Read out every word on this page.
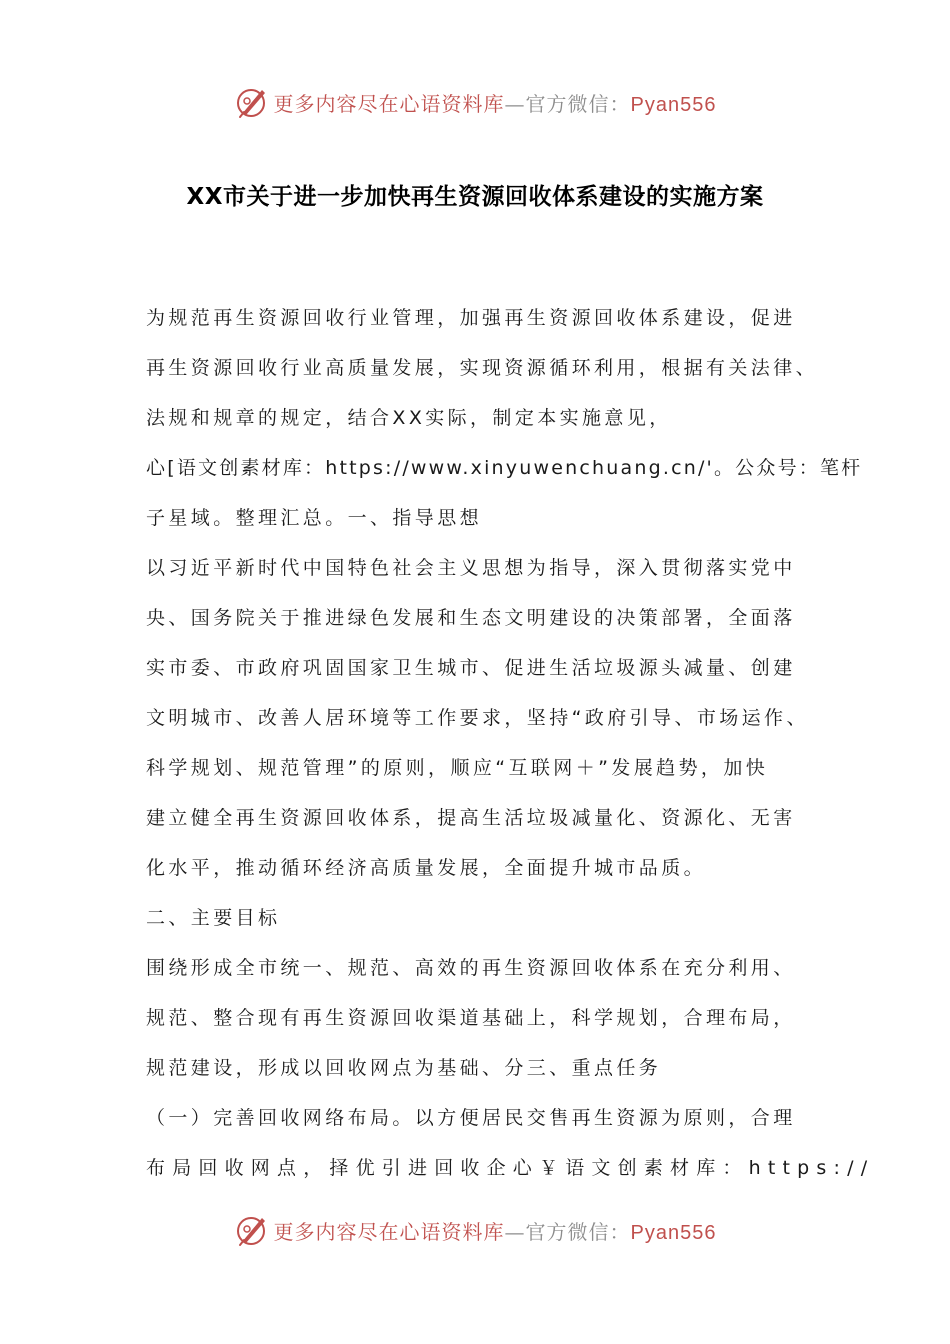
更多内容尽在心语资料库—官方微信：Pyan556
XX市关于进一步加快再生资源回收体系建设的实施方案
为规范再生资源回收行业管理，加强再生资源回收体系建设，促进
再生资源回收行业高质量发展，实现资源循环利用，根据有关法律、
法规和规章的规定，结合XX实际，制定本实施意见，
心[语文创素材库：https://www.xinyuwenchuang.cn/'。公众号：笔杆
子星域。整理汇总。一、指导思想
以习近平新时代中国特色社会主义思想为指导，深入贯彻落实党中
央、国务院关于推进绿色发展和生态文明建设的决策部署，全面落
实市委、市政府巩固国家卫生城市、促进生活垃圾源头减量、创建
文明城市、改善人居环境等工作要求，坚持“政府引导、市场运作、
科学规划、规范管理”的原则，顺应“互联网＋”发展趋势，加快
建立健全再生资源回收体系，提高生活垃圾减量化、资源化、无害
化水平，推动循环经济高质量发展，全面提升城市品质。
二、主要目标
围绕形成全市统一、规范、高效的再生资源回收体系在充分利用、
规范、整合现有再生资源回收渠道基础上，科学规划，合理布局，
规范建设，形成以回收网点为基础、分三、重点任务
（一）完善回收网络布局。以方便居民交售再生资源为原则，合理
布局回收网点，择优引进回收企心￥语文创素材库：https://
更多内容尽在心语资料库—官方微信：Pyan556
